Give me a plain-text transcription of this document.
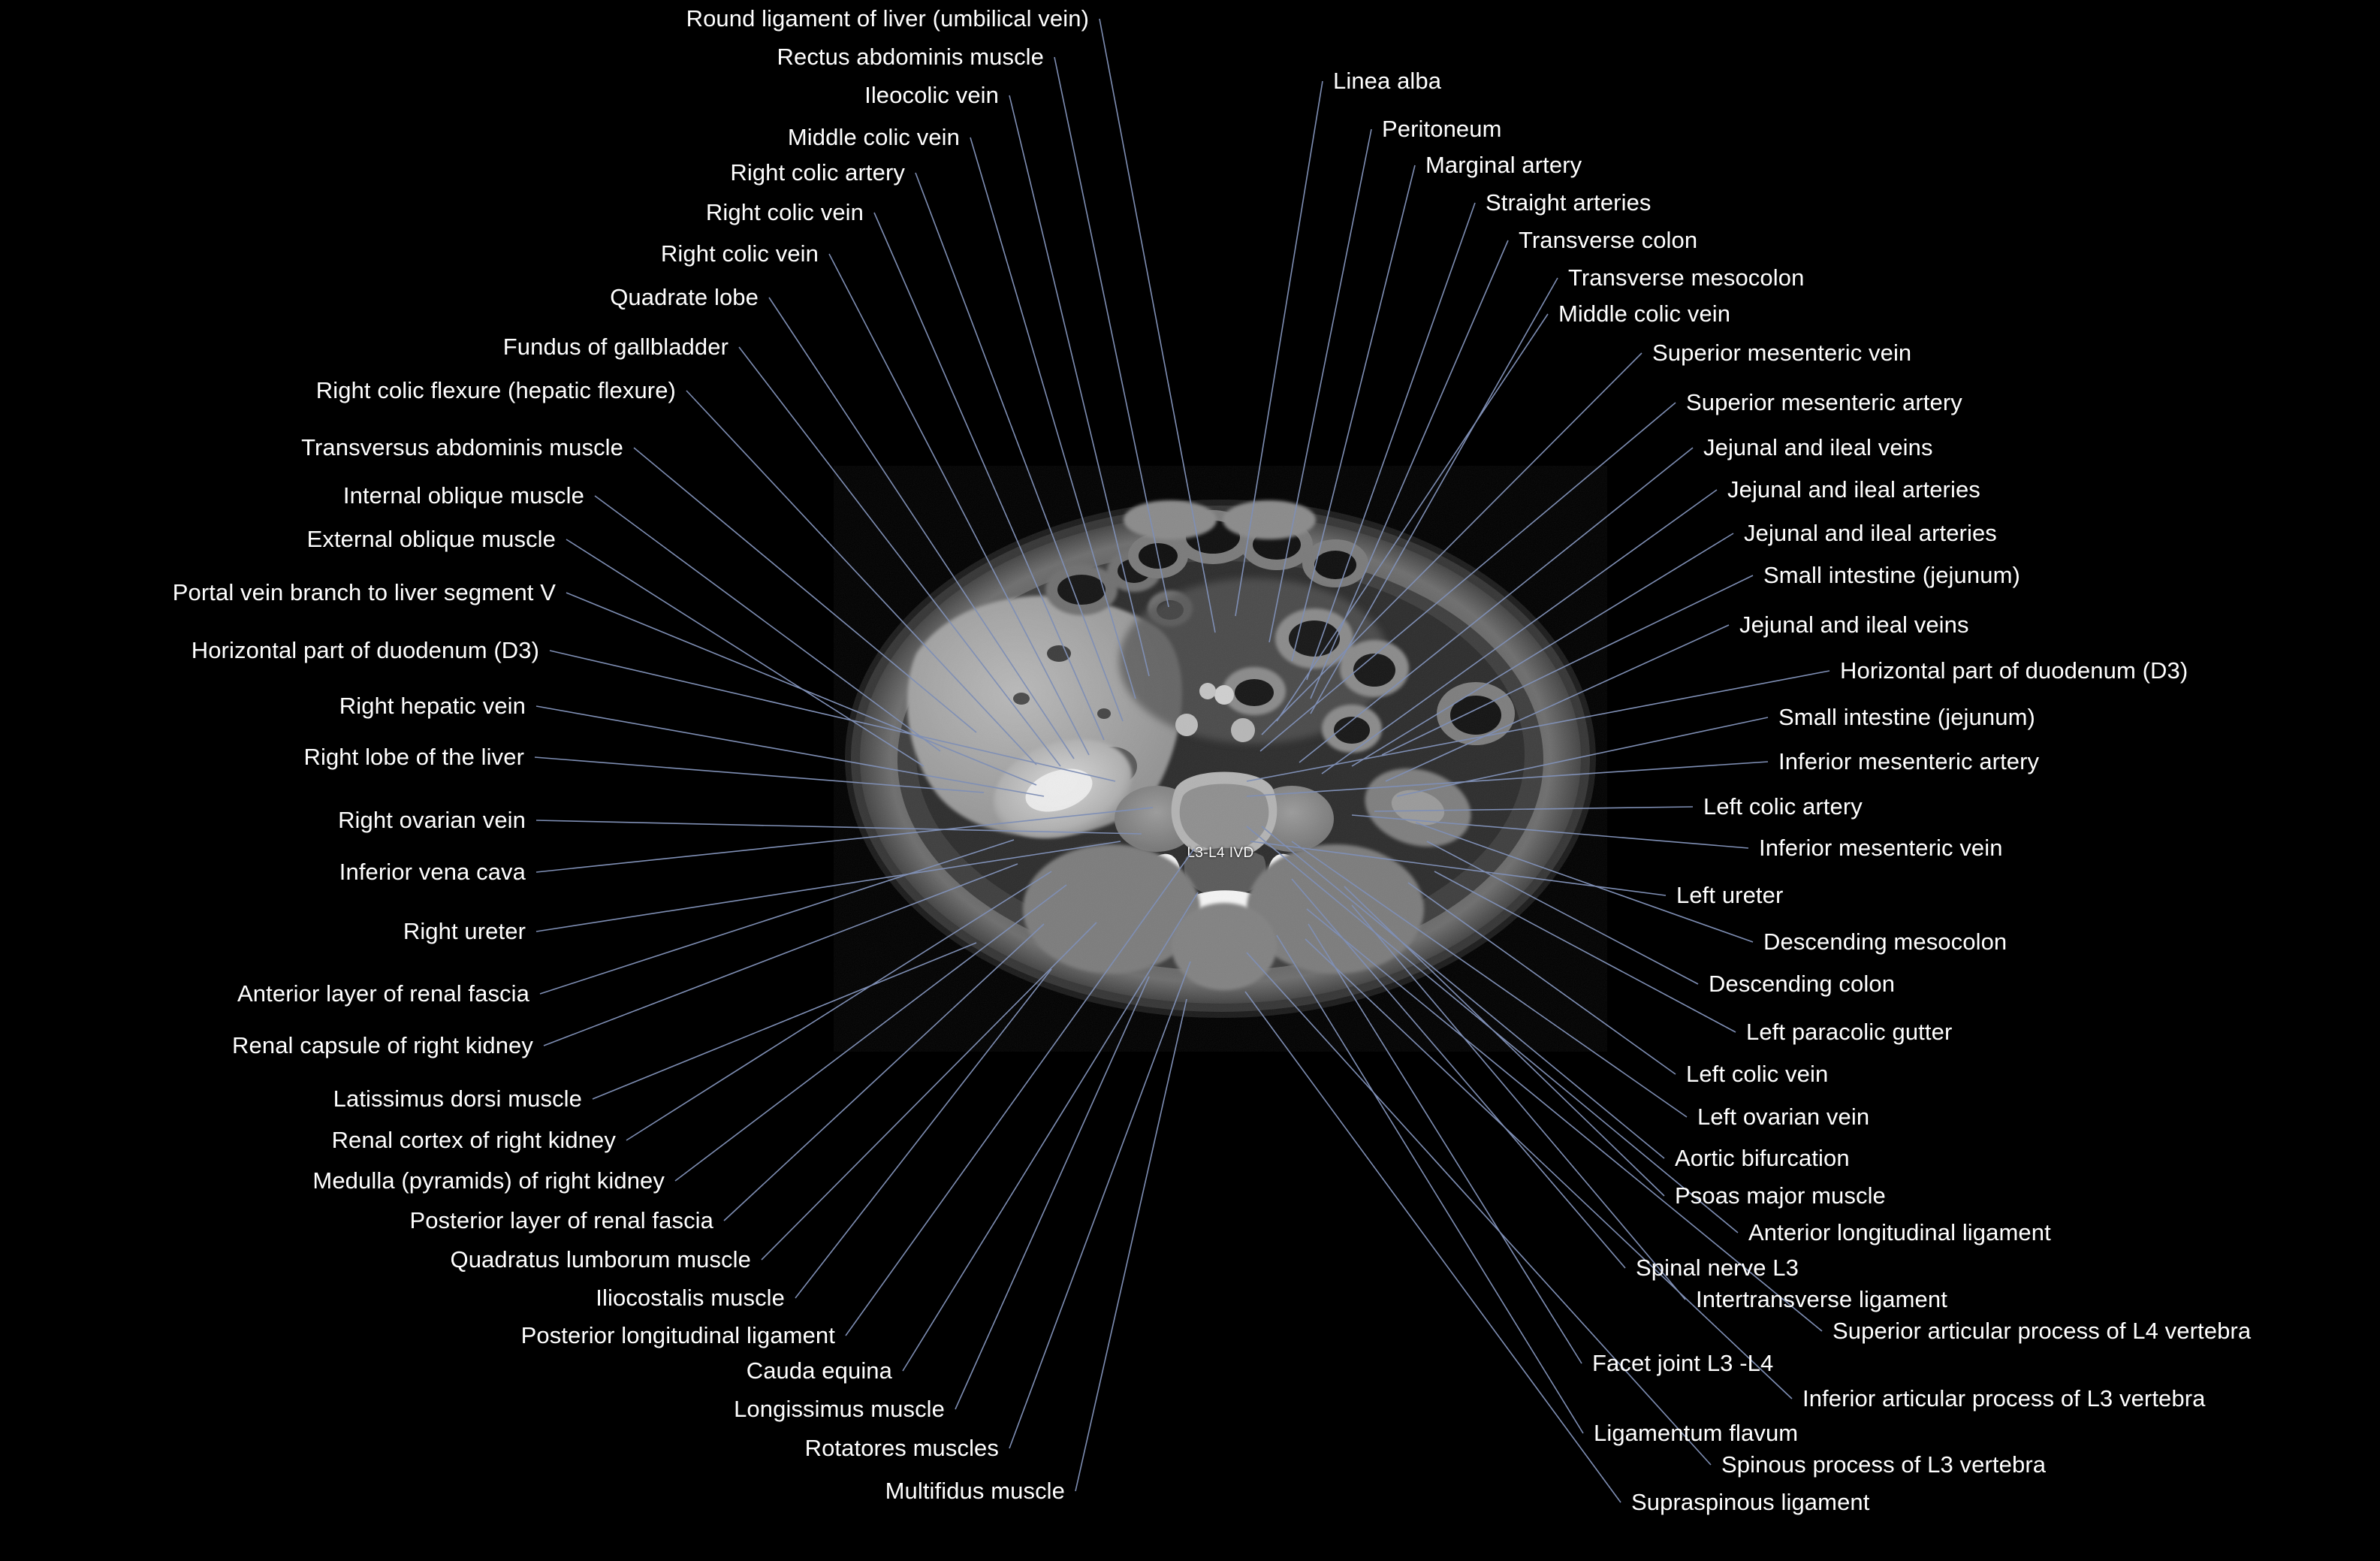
L3-L4 IVD
Round ligament of liver (umbilical vein)
Rectus abdominis muscle
Ileocolic vein
Middle colic vein
Right colic artery
Right colic vein
Right colic vein
Quadrate lobe
Fundus of gallbladder
Right colic flexure (hepatic flexure)
Transversus abdominis muscle
Internal oblique muscle
External oblique muscle
Portal vein branch to liver segment V
Horizontal part of duodenum (D3)
Right hepatic vein
Right lobe of the liver
Right ovarian vein
Inferior vena cava
Right ureter
Anterior layer of renal fascia
Renal capsule of right kidney
Latissimus dorsi muscle
Renal cortex of right kidney
Medulla (pyramids) of right kidney
Posterior layer of renal fascia
Quadratus lumborum muscle
Iliocostalis muscle
Posterior longitudinal ligament
Cauda equina
Longissimus muscle
Rotatores muscles
Multifidus muscle
Linea alba
Peritoneum
Marginal artery
Straight arteries
Transverse colon
Transverse mesocolon
Middle colic vein
Superior mesenteric vein
Superior mesenteric artery
Jejunal and ileal veins
Jejunal and ileal arteries
Jejunal and ileal arteries
Small intestine (jejunum)
Jejunal and ileal veins
Horizontal part of duodenum (D3)
Small intestine (jejunum)
Inferior mesenteric artery
Left colic artery
Inferior mesenteric vein
Left ureter
Descending mesocolon
Descending colon
Left paracolic gutter
Left colic vein
Left ovarian vein
Aortic bifurcation
Psoas major muscle
Anterior longitudinal ligament
Spinal nerve L3
Intertransverse ligament
Superior articular process of L4 vertebra
Facet joint L3 -L4
Inferior articular process of L3 vertebra
Ligamentum flavum
Spinous process of L3 vertebra
Supraspinous ligament
